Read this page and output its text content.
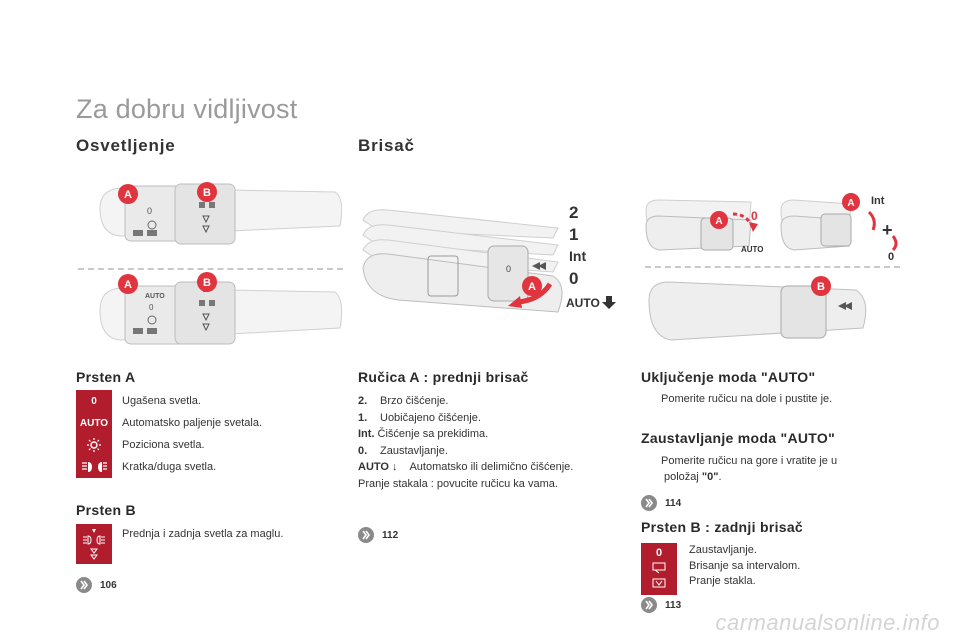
Za dobru vidljivost
Osvetljenje	Brisač
0
A	B
AUTO
0
A	B
0
A
2
1
Int
0
AUTO
A 0
AUTO
A Int
+
0
B
Prsten A
0	Ugašena svetla.
AUTO	Automatsko paljenje svetala.
Poziciona svetla.
Kratka/duga svetla.
Prsten B
Prednja i zadnja svetla za maglu.
106
Ručica A : prednji brisač
2. Brzo čišćenje.
1. Uobičajeno čišćenje.
Int. Čišćenje sa prekidima.
0. Zaustavljanje.
AUTO ↓ Automatsko ili delimično čišćenje.
Pranje stakala : povucite ručicu ka vama.
112
Uključenje moda "AUTO"
Pomerite ručicu na dole i pustite je.
Zaustavljanje moda "AUTO"
Pomerite ručicu na gore i vratite je u
položaj "0".
114
Prsten B : zadnji brisač
0 Zaustavljanje.
Brisanje sa intervalom.
Pranje stakla.
113
carmanualsonline.info
